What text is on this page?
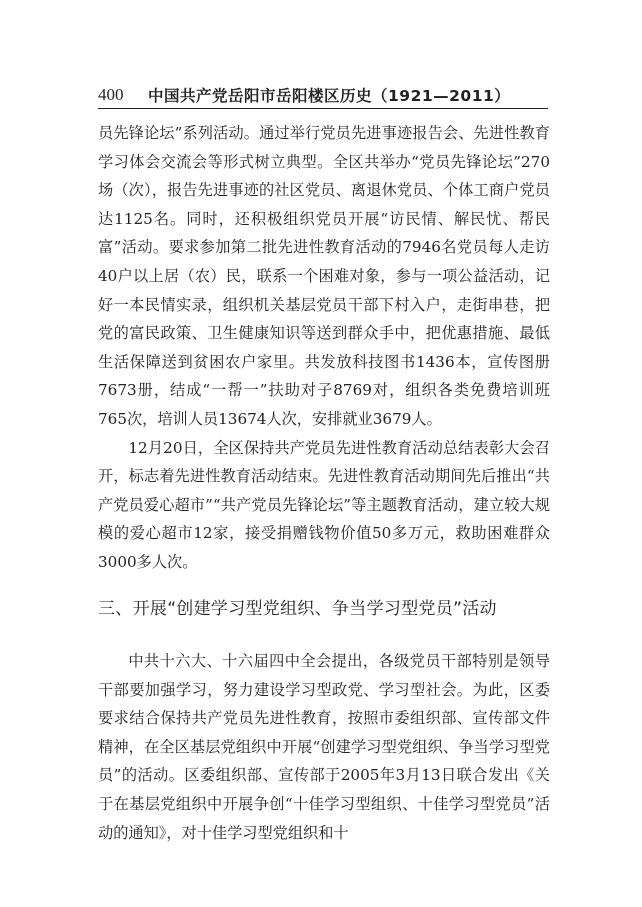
400	中国共产党岳阳市岳阳楼区历史（1921—2011）

员先锋论坛”系列活动。通过举行党员先进事迹报告会、先进性教育学习体会交流会等形式树立典型。全区共举办“党员先锋论坛”270场（次），报告先进事迹的社区党员、离退休党员、个体工商户党员达1125名。同时，还积极组织党员开展“访民情、解民忧、帮民富”活动。要求参加第二批先进性教育活动的7946名党员每人走访40户以上居（农）民，联系一个困难对象，参与一项公益活动，记好一本民情实录，组织机关基层党员干部下村入户，走街串巷，把党的富民政策、卫生健康知识等送到群众手中，把优惠措施、最低生活保障送到贫困农户家里。共发放科技图书1436本，宣传图册7673册，结成“一帮一”扶助对子8769对，组织各类免费培训班765次，培训人员13674人次，安排就业3679人。

12月20日，全区保持共产党员先进性教育活动总结表彰大会召开，标志着先进性教育活动结束。先进性教育活动期间先后推出“共产党员爱心超市”“共产党员先锋论坛”等主题教育活动，建立较大规模的爱心超市12家，接受捐赠钱物价值50多万元，救助困难群众3000多人次。

三、开展“创建学习型党组织、争当学习型党员”活动

中共十六大、十六届四中全会提出，各级党员干部特别是领导干部要加强学习，努力建设学习型政党、学习型社会。为此，区委要求结合保持共产党员先进性教育，按照市委组织部、宣传部文件精神，在全区基层党组织中开展“创建学习型党组织、争当学习型党员”的活动。区委组织部、宣传部于2005年3月13日联合发出《关于在基层党组织中开展争创“十佳学习型组织、十佳学习型党员”活动的通知》，对十佳学习型党组织和十
